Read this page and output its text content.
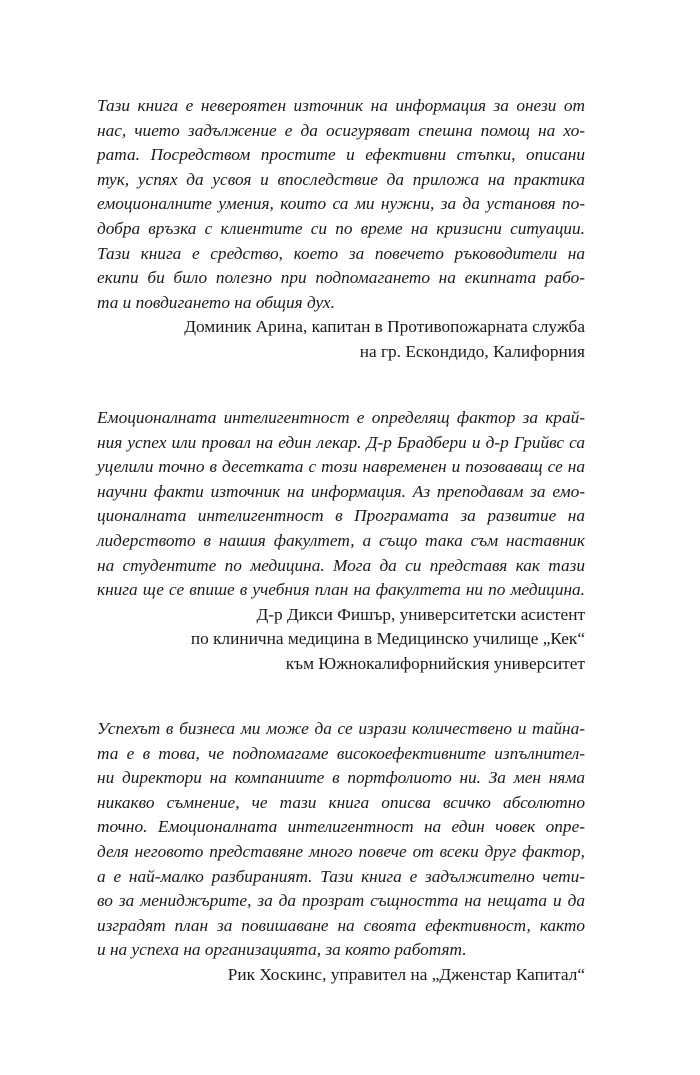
Тази книга е невероятен източник на информация за онези от
нас, чието задължение е да осигуряват спешна помощ на хо-
рата. Посредством простите и ефективни стъпки, описани
тук, успях да усвоя и впоследствие да приложа на практика
емоционалните умения, които са ми нужни, за да установя по-
добра връзка с клиентите си по време на кризисни ситуации.
Тази книга е средство, което за повечето ръководители на
екипи би било полезно при подпомагането на екипната рабо-
та и повдигането на общия дух.
Доминик Арина, капитан в Противопожарната служба
на гр. Ескондидо, Калифорния
Емоционалната интелигентност е определящ фактор за край-
ния успех или провал на един лекар. Д-р Брадбери и д-р Грийвс са
уцелили точно в десетката с този навременен и позоваващ се на
научни факти източник на информация. Аз преподавам за емо-
ционалната интелигентност в Програмата за развитие на
лидерството в нашия факултет, а също така съм наставник
на студентите по медицина. Мога да си представя как тази
книга ще се впише в учебния план на факултета ни по медицина.
Д-р Дикси Фишър, университетски асистент
по клинична медицина в Медицинско училище „Кек“
към Южнокалифорнийския университет
Успехът в бизнеса ми може да се изрази количествено и тайна-
та е в това, че подпомагаме високоефективните изпълнител-
ни директори на компаниите в портфолиото ни. За мен няма
никакво съмнение, че тази книга описва всичко абсолютно
точно. Емоционалната интелигентност на един човек опре-
деля неговото представяне много повече от всеки друг фактор,
а е най-малко разбираният. Тази книга е задължително чети-
во за мениджърите, за да прозрат същността на нещата и да
изградят план за повишаване на своята ефективност, както
и на успеха на организацията, за която работят.
Рик Хоскинс, управител на „Дженстар Капитал“
